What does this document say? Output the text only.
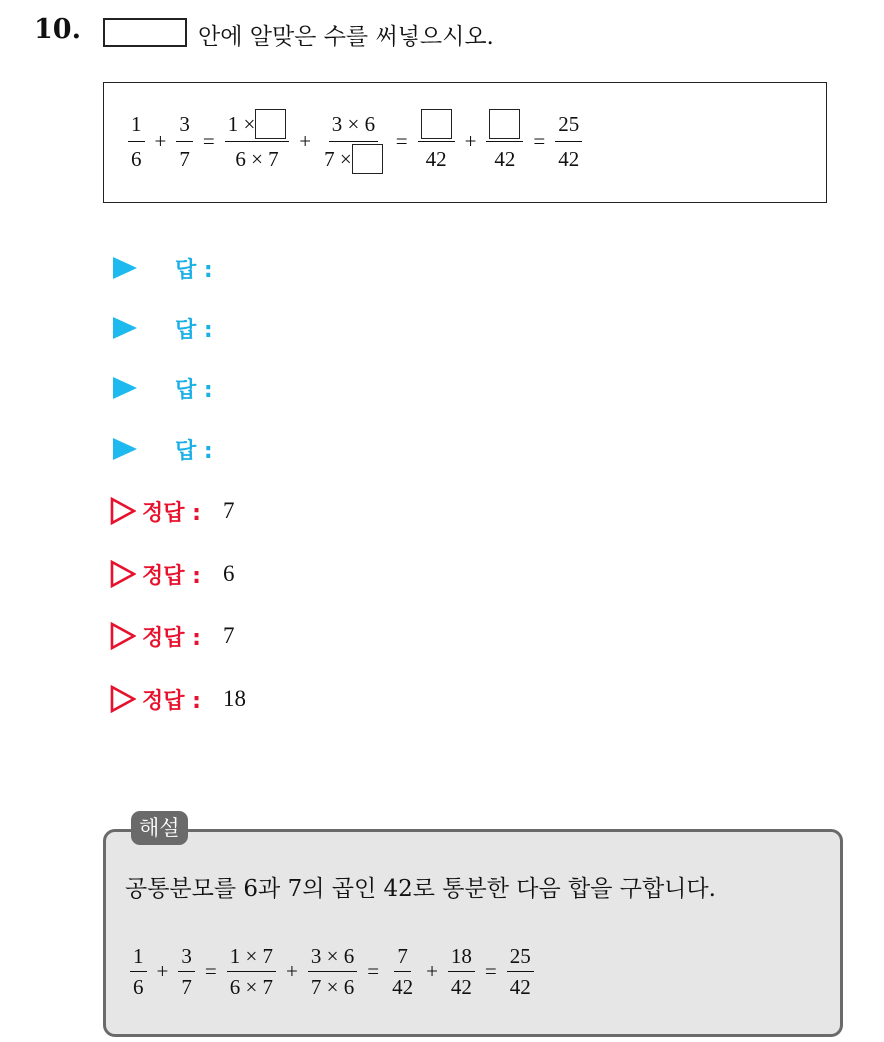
10.	안에 알맞은 수를 써넣으시오.
$\frac{1}{6} + \frac{3}{7} = \frac{1 \times}{6 \times 7} + \frac{3 \times 6}{7 \times}$ =
42
+
42
= $\frac{25}{42}$
답 :
답 :
답 :
답 :
정답 : 7
정답 : 6
정답 : 7
정답 : 18
해설
공통분모를 6과 7의 곱인 42로 통분한 다음 합을 구합니다.
$\frac{1}{6} + \frac{3}{7} = \frac{1 \times 7}{6 \times 7} + \frac{3 \times 6}{7 \times 6} = \frac{7}{42} + \frac{18}{42} = \frac{25}{42}$
